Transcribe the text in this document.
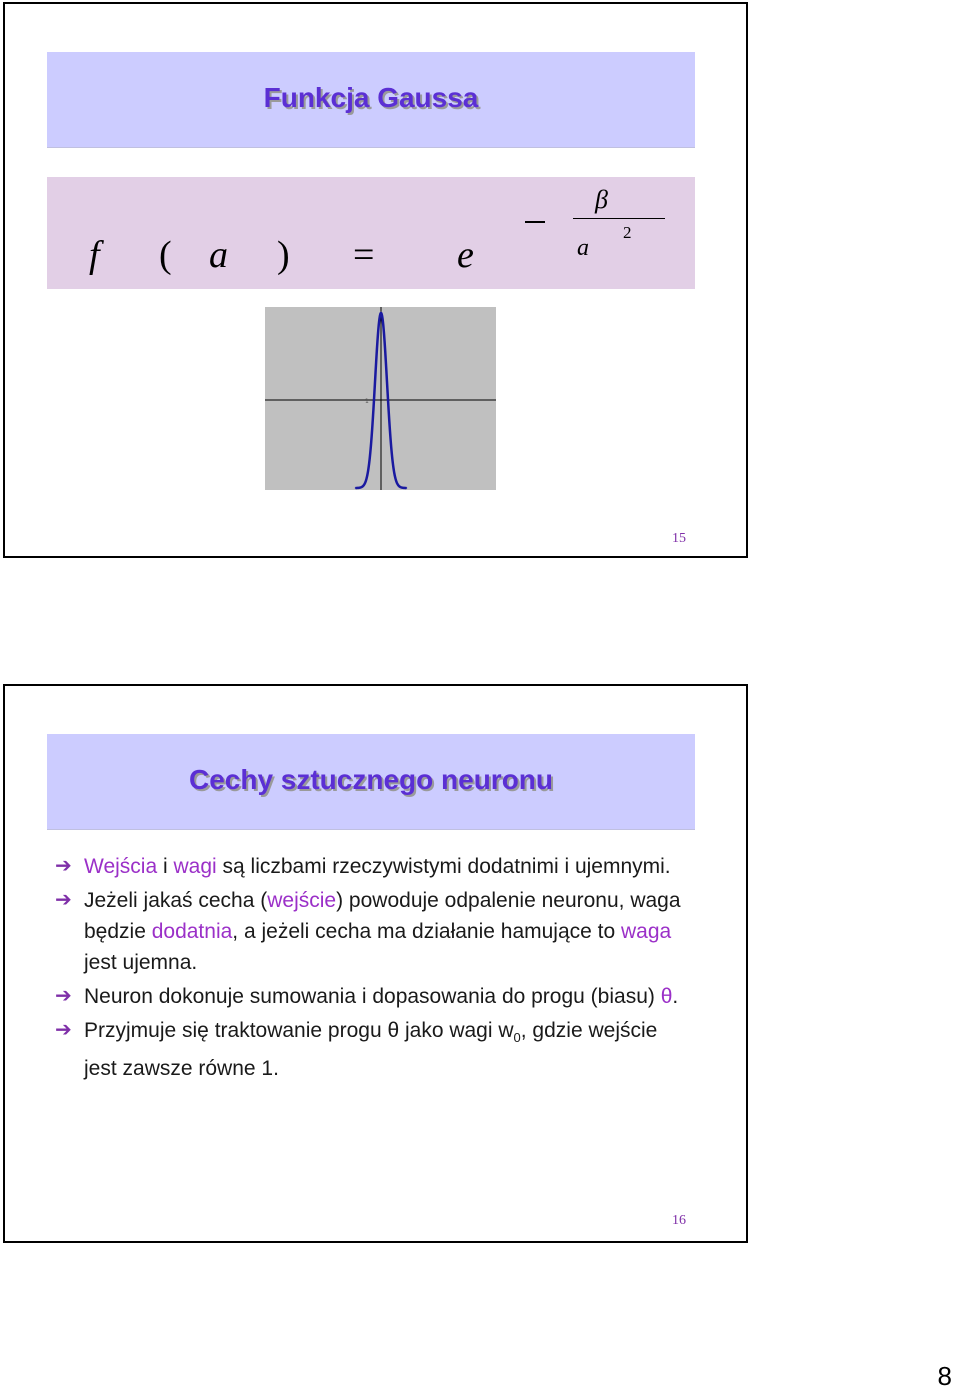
Funkcja Gaussa
f ( a ) = e
β
a
2
1
15
Cechy sztucznego neuronu
➔ Wejścia i wagi są liczbami rzeczywistymi dodatnimi i ujemnymi.
➔ Jeżeli jakaś cecha (wejście) powoduje odpalenie neuronu, waga będzie dodatnia, a jeżeli cecha ma działanie hamujące to waga jest ujemna.
➔ Neuron dokonuje sumowania i dopasowania do progu (biasu) θ.
➔ Przyjmuje się traktowanie progu θ jako wagi $w_0$, gdzie wejście jest zawsze równe 1.
16
8
